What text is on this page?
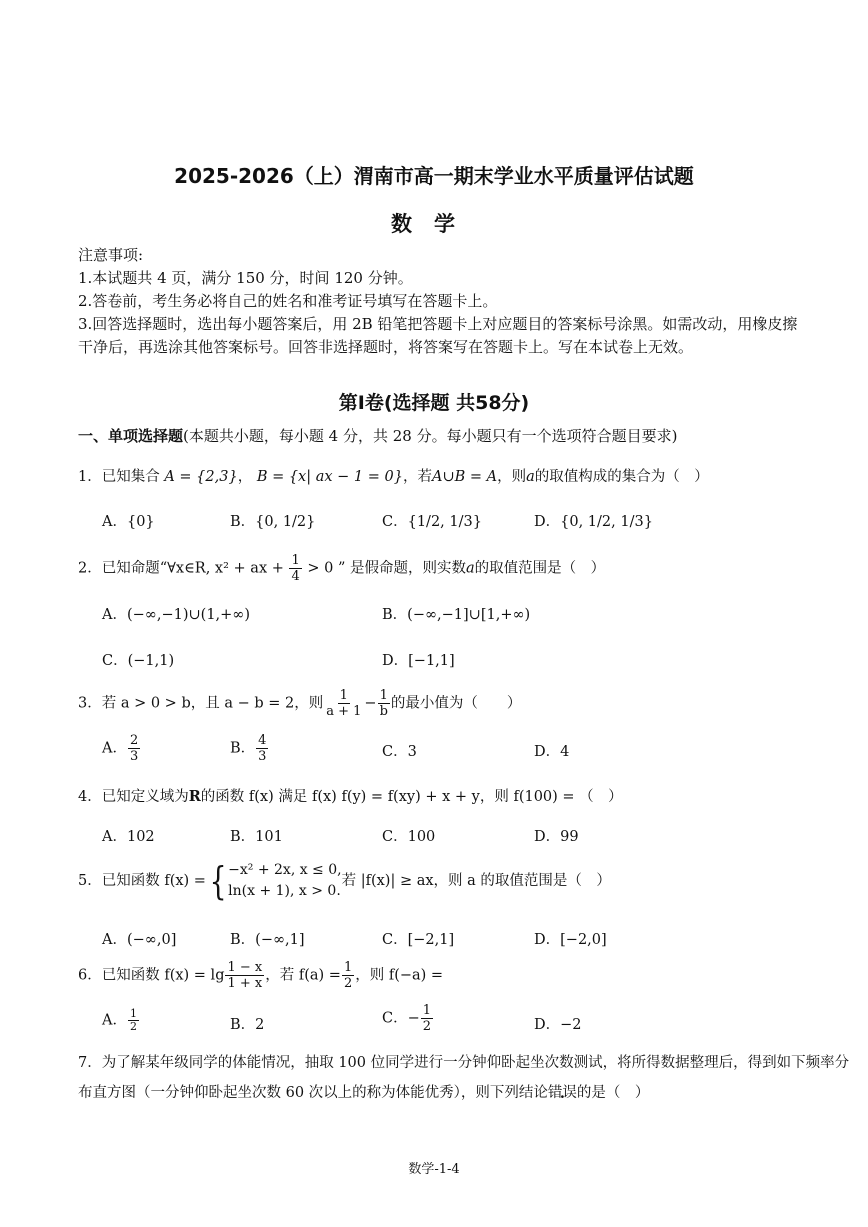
2025-2026（上）渭南市高一期末学业水平质量评估试题
数学
注意事项:
1.本试题共 4 页，满分 150 分，时间 120 分钟。
2.答卷前，考生务必将自己的姓名和准考证号填写在答题卡上。
3.回答选择题时，选出每小题答案后，用 2B 铅笔把答题卡上对应题目的答案标号涂黑。如需改动，用橡皮擦干净后，再选涂其他答案标号。回答非选择题时，将答案写在答题卡上。写在本试卷上无效。
第Ⅰ卷(选择题 共58分)
一、单项选择题(本题共小题，每小题 4 分，共 28 分。每小题只有一个选项符合题目要求)
1．已知集合 A = {2,3}， B = {x| ax − 1 = 0}，若A∪B = A，则a的取值构成的集合为（　）
A．{0}	B．{0, 1/2}	C．{1/2, 1/3}	D．{0, 1/2, 1/3}
2．已知命题“∀x∈R, x² + ax + $\frac{1}{4} > 0$ ” 是假命题，则实数a的取值范围是（　）
A．(−∞,−1)∪(1,+∞)	B．(−∞,−1]∪[1,+∞)
C．(−1,1)	D．[−1,1]
3．若 a > 0 > b，且 a − b = 2，则 $\frac{1}{a + 1} - \frac{1}{b}$ 的最小值为（　　）
A． $\frac{2}{3}$	B． $\frac{4}{3}$	C．3	D．4
4．已知定义域为R的函数 f(x) 满足 f(x) f(y) = f(xy) + x + y，则 f(100) = （　）
A．102	B．101	C．100	D．99
5．已知函数 f(x) ={ −x² + 2x, x ≤ 0,
ln(x + 1), x > 0.若 |f(x)| ≥ ax，则 a 的取值范围是（　）
A．(−∞,0]	B．(−∞,1]	C．[−2,1]	D．[−2,0]
6．已知函数 $f(x) = \lg \frac{1 - x}{1 + x}$ ，若 $f(a) = \frac{1}{2}$ ，则 f(−a) =
A． $\frac{1}{2}$	B．2	C．− $\frac{1}{2}$	D．−2
7．为了解某年级同学的体能情况，抽取 100 位同学进行一分钟仰卧起坐次数测试，将所得数据整理后，得到如下频率分布直方图（一分钟仰卧起坐次数 60 次以上的称为体能优秀），则下列结论错误的是（　）
数学-1-4
